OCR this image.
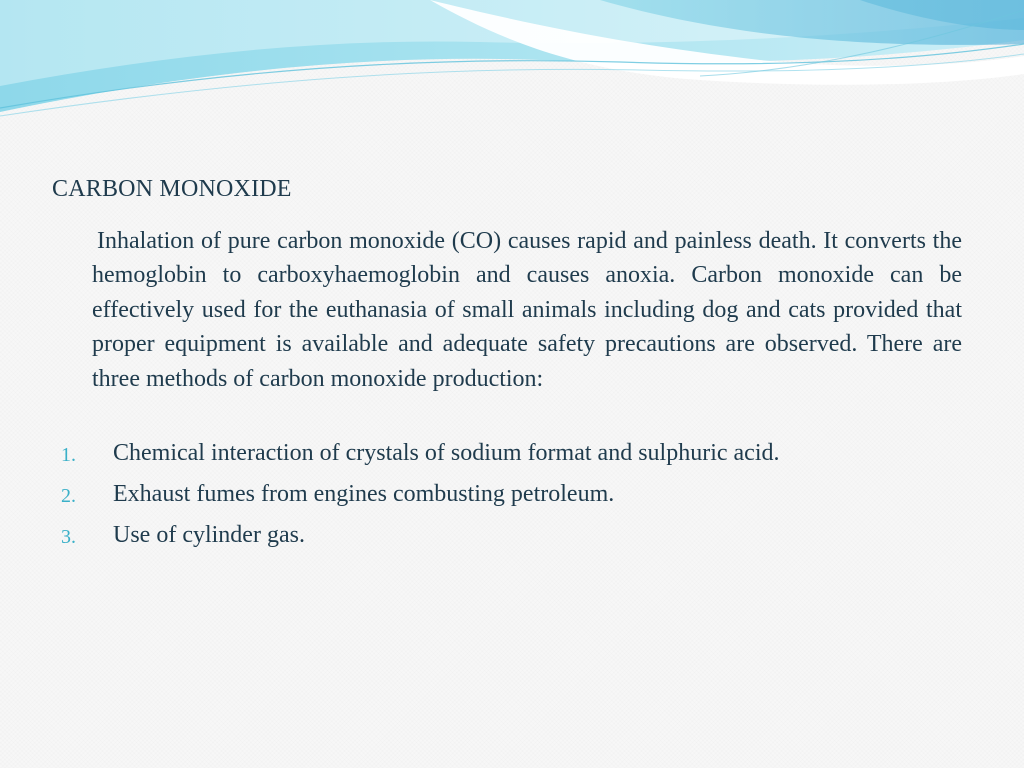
CARBON MONOXIDE

Inhalation of pure carbon monoxide (CO) causes rapid and painless death. It converts the hemoglobin to carboxyhaemoglobin and causes anoxia. Carbon monoxide can be effectively used for the euthanasia of small animals including dog and cats provided that proper equipment is available and adequate safety precautions are observed. There are three methods of carbon monoxide production:

1. Chemical interaction of crystals of sodium format and sulphuric acid.
2. Exhaust fumes from engines combusting petroleum.
3. Use of cylinder gas.
